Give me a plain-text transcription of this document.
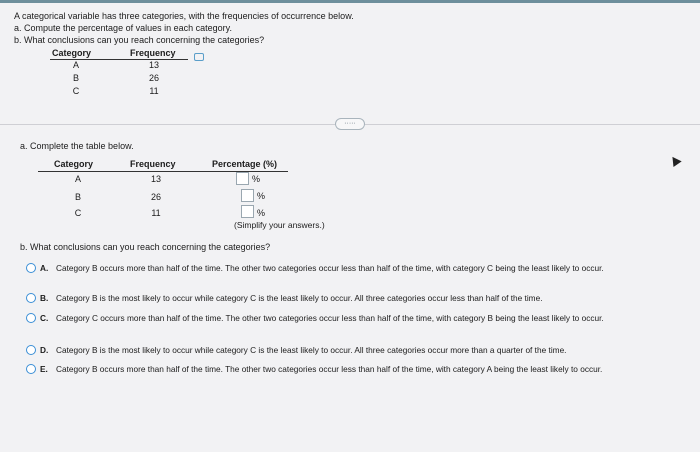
A categorical variable has three categories, with the frequencies of occurrence below.
a. Compute the percentage of values in each category.
b. What conclusions can you reach concerning the categories?
Category	Frequency
A	13
B	26
C	11
·····
a. Complete the table below.
Category	Frequency	Percentage (%)
A	13	%
B	26	%
C	11	%
(Simplify your answers.)
b. What conclusions can you reach concerning the categories?
A. Category B occurs more than half of the time. The other two categories occur less than half of the time, with category C being the least likely to occur.
B. Category B is the most likely to occur while category C is the least likely to occur. All three categories occur less than half of the time.
C. Category C occurs more than half of the time. The other two categories occur less than half of the time, with category B being the least likely to occur.
D. Category B is the most likely to occur while category C is the least likely to occur. All three categories occur more than a quarter of the time.
E. Category B occurs more than half of the time. The other two categories occur less than half of the time, with category A being the least likely to occur.
